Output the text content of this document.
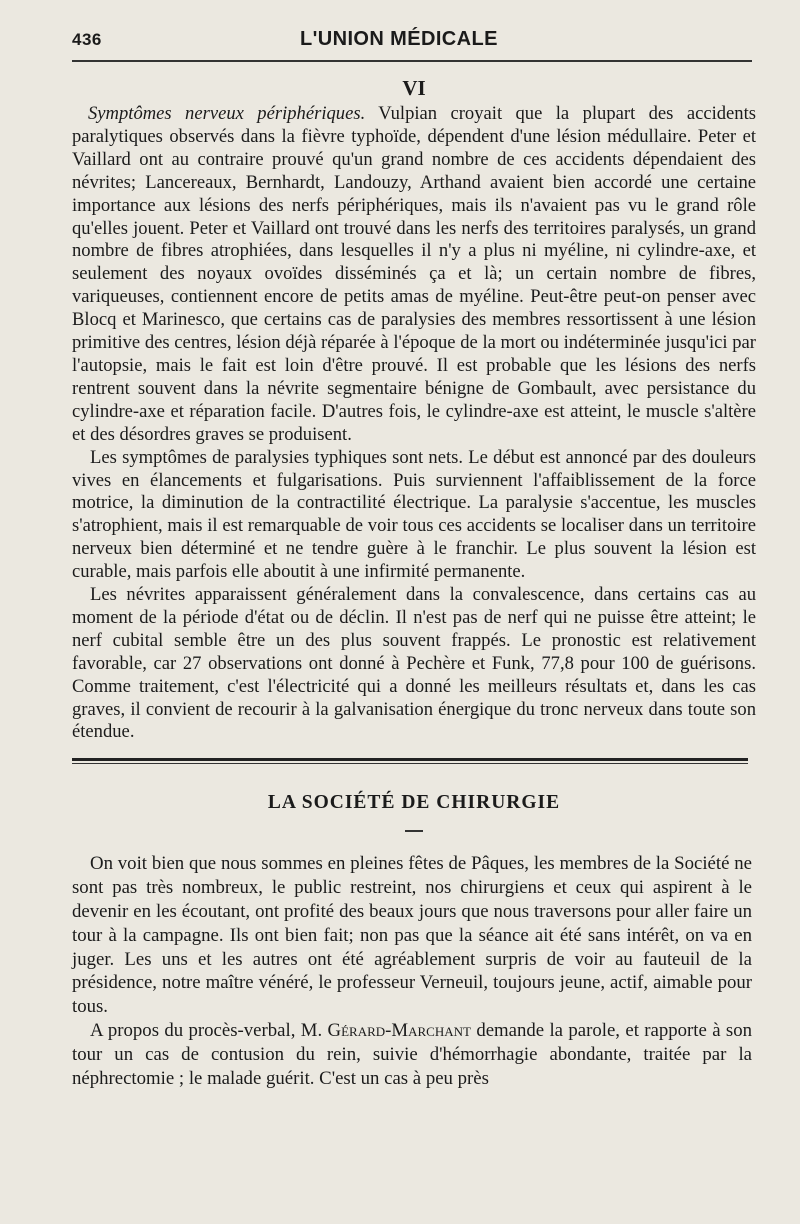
436	L'UNION MÉDICALE
VI

Symptômes nerveux périphériques. Vulpian croyait que la plupart des accidents paralytiques observés dans la fièvre typhoïde, dépendent d'une lésion médullaire. Peter et Vaillard ont au contraire prouvé qu'un grand nombre de ces accidents dépendaient des névrites; Lancereaux, Bernhardt, Landouzy, Arthand avaient bien accordé une certaine importance aux lésions des nerfs périphériques, mais ils n'avaient pas vu le grand rôle qu'elles jouent. Peter et Vaillard ont trouvé dans les nerfs des territoires paralysés, un grand nombre de fibres atrophiées, dans lesquelles il n'y a plus ni myéline, ni cylindre-axe, et seulement des noyaux ovoïdes disséminés ça et là; un certain nombre de fibres, variqueuses, contiennent encore de petits amas de myéline. Peut-être peut-on penser avec Blocq et Marinesco, que certains cas de paralysies des membres ressortissent à une lésion primitive des centres, lésion déjà réparée à l'époque de la mort ou indéterminée jusqu'ici par l'autopsie, mais le fait est loin d'être prouvé. Il est probable que les lésions des nerfs rentrent souvent dans la névrite segmentaire bénigne de Gombault, avec persistance du cylindre-axe et réparation facile. D'autres fois, le cylindre-axe est atteint, le muscle s'altère et des désordres graves se produisent.

Les symptômes de paralysies typhiques sont nets. Le début est annoncé par des douleurs vives en élancements et fulgarisations. Puis surviennent l'affaiblissement de la force motrice, la diminution de la contractilité électrique. La paralysie s'accentue, les muscles s'atrophient, mais il est remarquable de voir tous ces accidents se localiser dans un territoire nerveux bien déterminé et ne tendre guère à le franchir. Le plus souvent la lésion est curable, mais parfois elle aboutit à une infirmité permanente.

Les névrites apparaissent généralement dans la convalescence, dans certains cas au moment de la période d'état ou de déclin. Il n'est pas de nerf qui ne puisse être atteint; le nerf cubital semble être un des plus souvent frappés. Le pronostic est relativement favorable, car 27 observations ont donné à Pechère et Funk, 77,8 pour 100 de guérisons. Comme traitement, c'est l'électricité qui a donné les meilleurs résultats et, dans les cas graves, il convient de recourir à la galvanisation énergique du tronc nerveux dans toute son étendue.

LA SOCIÉTÉ DE CHIRURGIE

On voit bien que nous sommes en pleines fêtes de Pâques, les membres de la Société ne sont pas très nombreux, le public restreint, nos chirurgiens et ceux qui aspirent à le devenir en les écoutant, ont profité des beaux jours que nous traversons pour aller faire un tour à la campagne. Ils ont bien fait; non pas que la séance ait été sans intérêt, on va en juger. Les uns et les autres ont été agréablement surpris de voir au fauteuil de la présidence, notre maître vénéré, le professeur Verneuil, toujours jeune, actif, aimable pour tous.

A propos du procès-verbal, M. Gérard-Marchant demande la parole, et rapporte à son tour un cas de contusion du rein, suivie d'hémorrhagie abondante, traitée par la néphrectomie ; le malade guérit. C'est un cas à peu près
